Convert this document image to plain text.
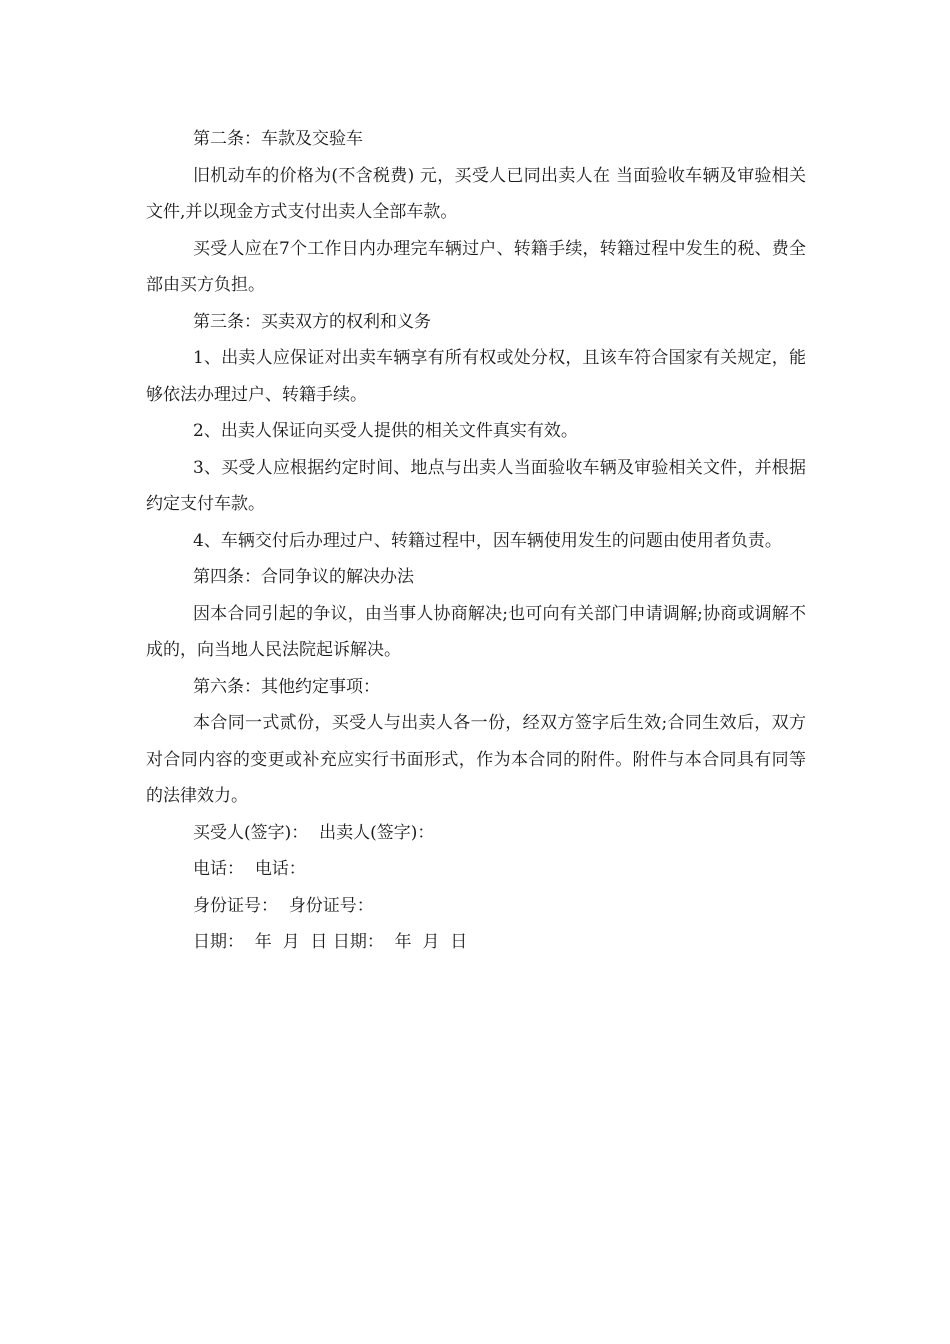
第二条：车款及交验车

旧机动车的价格为(不含税费) 元，买受人已同出卖人在 当面验收车辆及审验相关文件,并以现金方式支付出卖人全部车款。

买受人应在7个工作日内办理完车辆过户、转籍手续，转籍过程中发生的税、费全部由买方负担。

第三条：买卖双方的权利和义务

1、出卖人应保证对出卖车辆享有所有权或处分权，且该车符合国家有关规定，能够依法办理过户、转籍手续。

2、出卖人保证向买受人提供的相关文件真实有效。

3、买受人应根据约定时间、地点与出卖人当面验收车辆及审验相关文件，并根据约定支付车款。

4、车辆交付后办理过户、转籍过程中，因车辆使用发生的问题由使用者负责。

第四条：合同争议的解决办法

因本合同引起的争议，由当事人协商解决;也可向有关部门申请调解;协商或调解不成的，向当地人民法院起诉解决。

第六条：其他约定事项：

本合同一式贰份，买受人与出卖人各一份，经双方签字后生效;合同生效后，双方对合同内容的变更或补充应实行书面形式，作为本合同的附件。附件与本合同具有同等的法律效力。

买受人(签字)： 出卖人(签字)：

电话： 电话：

身份证号： 身份证号：

日期：  年  月  日 日期：  年  月  日
